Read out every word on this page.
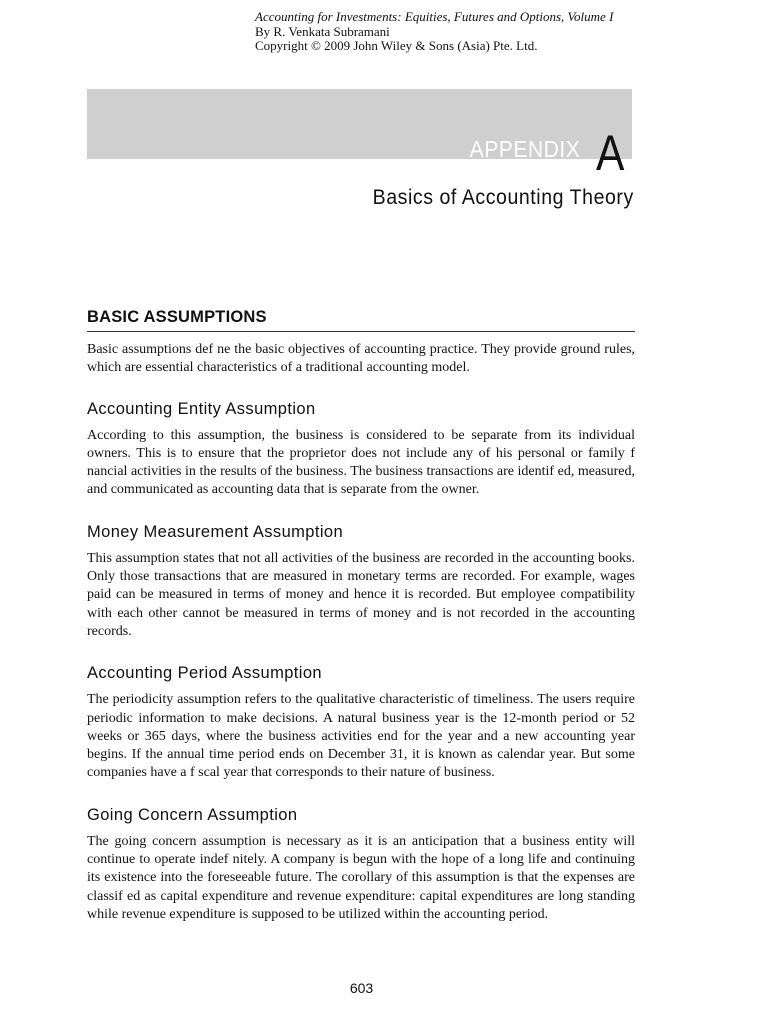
Accounting for Investments: Equities, Futures and Options, Volume I
By R. Venkata Subramani
Copyright © 2009 John Wiley & Sons (Asia) Pte. Ltd.
APPENDIX A
Basics of Accounting Theory
BASIC ASSUMPTIONS

Basic assumptions def ne the basic objectives of accounting practice. They provide ground rules, which are essential characteristics of a traditional accounting model.

Accounting Entity Assumption

According to this assumption, the business is considered to be separate from its individual owners. This is to ensure that the proprietor does not include any of his personal or family f nancial activities in the results of the business. The business transactions are identif ed, measured, and communicated as accounting data that is separate from the owner.

Money Measurement Assumption

This assumption states that not all activities of the business are recorded in the accounting books. Only those transactions that are measured in monetary terms are recorded. For example, wages paid can be measured in terms of money and hence it is recorded. But employee compatibility with each other cannot be measured in terms of money and is not recorded in the accounting records.

Accounting Period Assumption

The periodicity assumption refers to the qualitative characteristic of timeliness. The users require periodic information to make decisions. A natural business year is the 12-month period or 52 weeks or 365 days, where the business activities end for the year and a new accounting year begins. If the annual time period ends on December 31, it is known as calendar year. But some companies have a f scal year that corresponds to their nature of business.

Going Concern Assumption

The going concern assumption is necessary as it is an anticipation that a business entity will continue to operate indef nitely. A company is begun with the hope of a long life and continuing its existence into the foreseeable future. The corollary of this assumption is that the expenses are classif ed as capital expenditure and revenue expenditure: capital expenditures are long standing while revenue expenditure is supposed to be utilized within the accounting period.

603
